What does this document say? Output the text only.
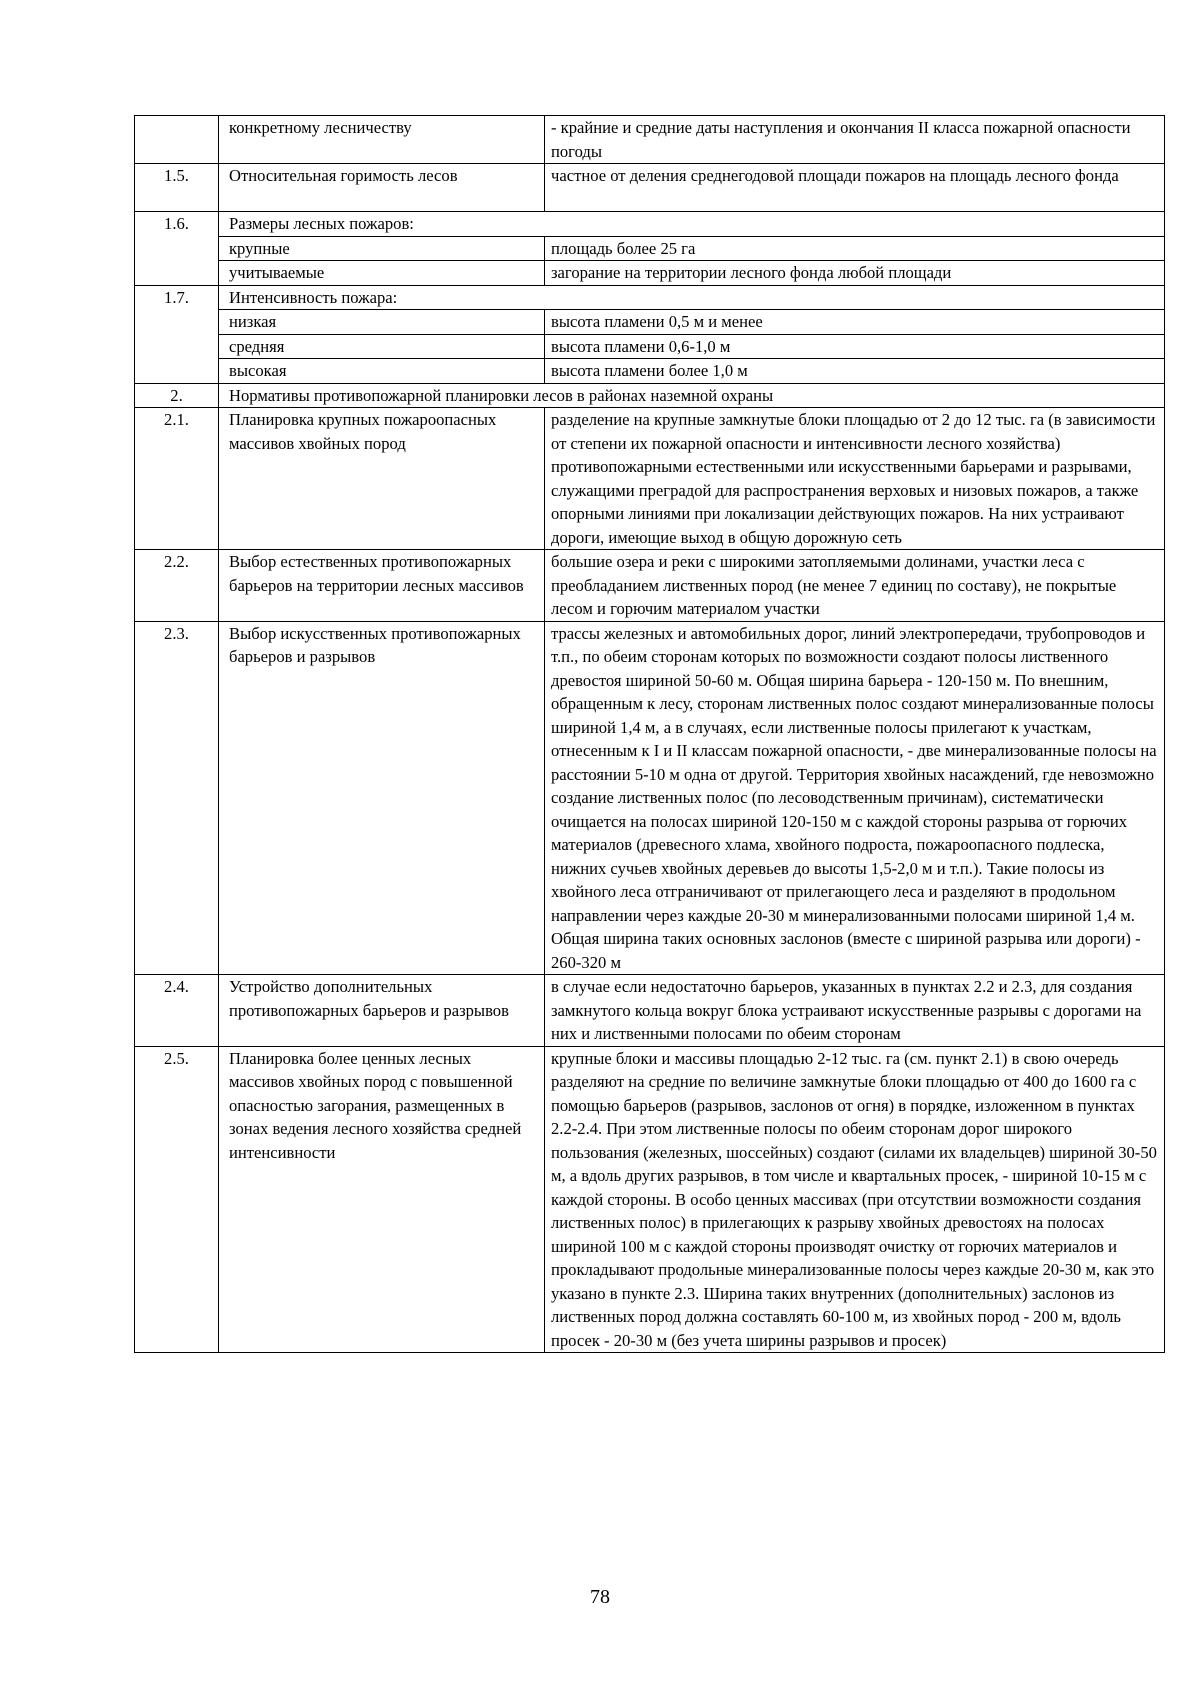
	конкретному лесничеству	- крайние и средние даты наступления и окончания II класса пожарной опасности погоды
1.5.	Относительная горимость лесов	частное от деления среднегодовой площади пожаров на площадь лесного фонда
1.6.	Размеры лесных пожаров:	
	крупные	площадь более 25 га
	учитываемые	загорание на территории лесного фонда любой площади
1.7.	Интенсивность пожара:	
	низкая	высота пламени 0,5 м и менее
	средняя	высота пламени 0,6-1,0 м
	высокая	высота пламени более 1,0 м
2.	Нормативы противопожарной планировки лесов в районах наземной охраны	
2.1.	Планировка крупных пожароопасных массивов хвойных пород	разделение на крупные замкнутые блоки площадью от 2 до 12 тыс. га (в зависимости от степени их пожарной опасности и интенсивности лесного хозяйства) противопожарными естественными или искусственными барьерами и разрывами, служащими преградой для распространения верховых и низовых пожаров, а также опорными линиями при локализации действующих пожаров. На них устраивают дороги, имеющие выход в общую дорожную сеть
2.2.	Выбор естественных противопожарных барьеров на территории лесных массивов	большие озера и реки с широкими затопляемыми долинами, участки леса с преобладанием лиственных пород (не менее 7 единиц по составу), не покрытые лесом и горючим материалом участки
2.3.	Выбор искусственных противопожарных барьеров и разрывов	трассы железных и автомобильных дорог, линий электропередачи, трубопроводов и т.п., по обеим сторонам которых по возможности создают полосы лиственного древостоя шириной 50-60 м. Общая ширина барьера - 120-150 м. По внешним, обращенным к лесу, сторонам лиственных полос создают минерализованные полосы шириной 1,4 м, а в случаях, если лиственные полосы прилегают к участкам, отнесенным к I и II классам пожарной опасности, - две минерализованные полосы на расстоянии 5-10 м одна от другой. Территория хвойных насаждений, где невозможно создание лиственных полос (по лесоводственным причинам), систематически очищается на полосах шириной 120-150 м с каждой стороны разрыва от горючих материалов (древесного хлама, хвойного подроста, пожароопасного подлеска, нижних сучьев хвойных деревьев до высоты 1,5-2,0 м и т.п.). Такие полосы из хвойного леса отграничивают от прилегающего леса и разделяют в продольном направлении через каждые 20-30 м минерализованными полосами шириной 1,4 м. Общая ширина таких основных заслонов (вместе с шириной разрыва или дороги) - 260-320 м
2.4.	Устройство дополнительных противопожарных барьеров и разрывов	в случае если недостаточно барьеров, указанных в пунктах 2.2 и 2.3, для создания замкнутого кольца вокруг блока устраивают искусственные разрывы с дорогами на них и лиственными полосами по обеим сторонам
2.5.	Планировка более ценных лесных массивов хвойных пород с повышенной опасностью загорания, размещенных в зонах ведения лесного хозяйства средней интенсивности	крупные блоки и массивы площадью 2-12 тыс. га (см. пункт 2.1) в свою очередь разделяют на средние по величине замкнутые блоки площадью от 400 до 1600 га с помощью барьеров (разрывов, заслонов от огня) в порядке, изложенном в пунктах 2.2-2.4. При этом лиственные полосы по обеим сторонам дорог широкого пользования (железных, шоссейных) создают (силами их владельцев) шириной 30-50 м, а вдоль других разрывов, в том числе и квартальных просек, - шириной 10-15 м с каждой стороны. В особо ценных массивах (при отсутствии возможности создания лиственных полос) в прилегающих к разрыву хвойных древостоях на полосах шириной 100 м с каждой стороны производят очистку от горючих материалов и прокладывают продольные минерализованные полосы через каждые 20-30 м, как это указано в пункте 2.3. Ширина таких внутренних (дополнительных) заслонов из лиственных пород должна составлять 60-100 м, из хвойных пород - 200 м, вдоль просек - 20-30 м (без учета ширины разрывов и просек)
78
